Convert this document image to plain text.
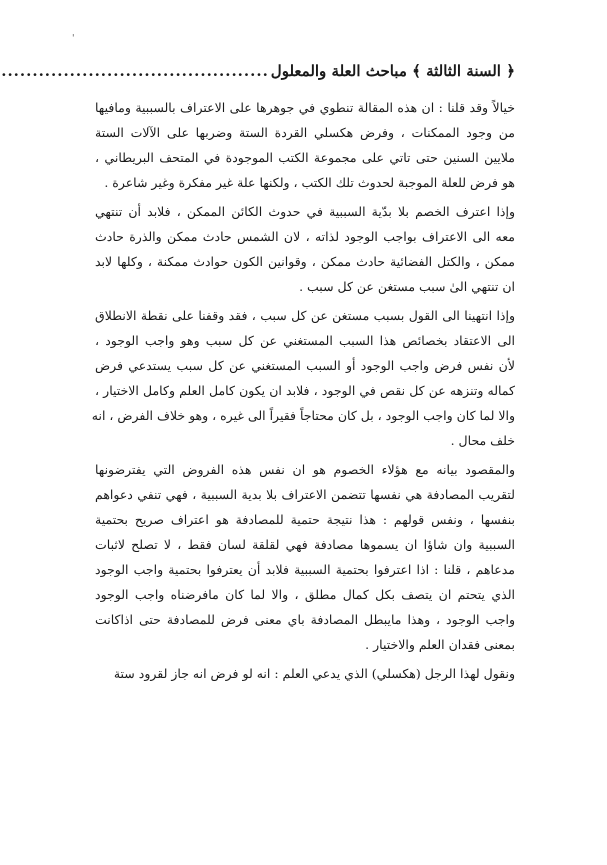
'
﴿ السنة الثالثة ﴾ مباحث العلة والمعلول
...........................................
خيالاً وقد قلنا : ان هذه المقالة تنطوي في جوهرها على الاعتراف بالسببية ومافيها
من وجود الممكنات ، وفرض هكسلي القردة الستة وضربها على الآلات الستة
ملايين السنين حتى تاتي على مجموعة الكتب الموجودة في المتحف البريطاني ،
هو فرض للعلة الموجبة لحدوث تلك الكتب ، ولكنها علة غير مفكرة وغير شاعرة .
وإذا اعترف الخصم بلا بدّية السببية في حدوث الكائن الممكن ، فلابد أن تنتهي
معه الى الاعتراف بواجب الوجود لذاته ، لان الشمس حادث ممكن والذرة حادث
ممكن ، والكتل الفضائية حادث ممكن ، وقوانين الكون حوادث ممكنة ، وكلها لابد
ان تنتهي الىٰ سبب مستغن عن كل سبب .
وإذا انتهينا الى القول بسبب مستغن عن كل سبب ، فقد وقفنا على نقطة الانطلاق
الى الاعتقاد بخصائص هذا السبب المستغني عن كل سبب وهو واجب الوجود ،
لأن نفس فرض واجب الوجود أو السبب المستغني عن كل سبب يستدعي فرض
كماله وتنزهه عن كل نقص في الوجود ، فلابد ان يكون كامل العلم وكامل الاختيار ،
والا لما كان واجب الوجود ، بل كان محتاجاً فقيراً الى غيره ، وهو خلاف الفرض ، انه
خلف محال .
والمقصود بيانه مع هؤلاء الخصوم هو ان نفس هذه الفروض التي يفترضونها
لتقريب المصادفة هي نفسها تتضمن الاعتراف بلا بدية السببية ، فهي تنفي دعواهم
بنفسها ، ونفس قولهم : هذا نتيجة حتمية للمصادفة هو اعتراف صريح بحتمية
السببية وان شاؤا ان يسموها مصادفة فهي لقلقة لسان فقط ، لا تصلح لاثبات
مدعاهم ، قلنا : اذا اعترفوا بحتمية السببية فلابد أن يعترفوا بحتمية واجب الوجود
الذي يتحتم ان يتصف بكل كمال مطلق ، والا لما كان مافرضناه واجب الوجود
واجب الوجود ، وهذا مايبطل المصادفة باي معنى فرض للمصادفة حتى اذاكانت
بمعنى فقدان العلم والاختيار .
ونقول لهذا الرجل (هكسلي) الذي يدعي العلم : انه لو فرض انه جاز لقرود ستة
